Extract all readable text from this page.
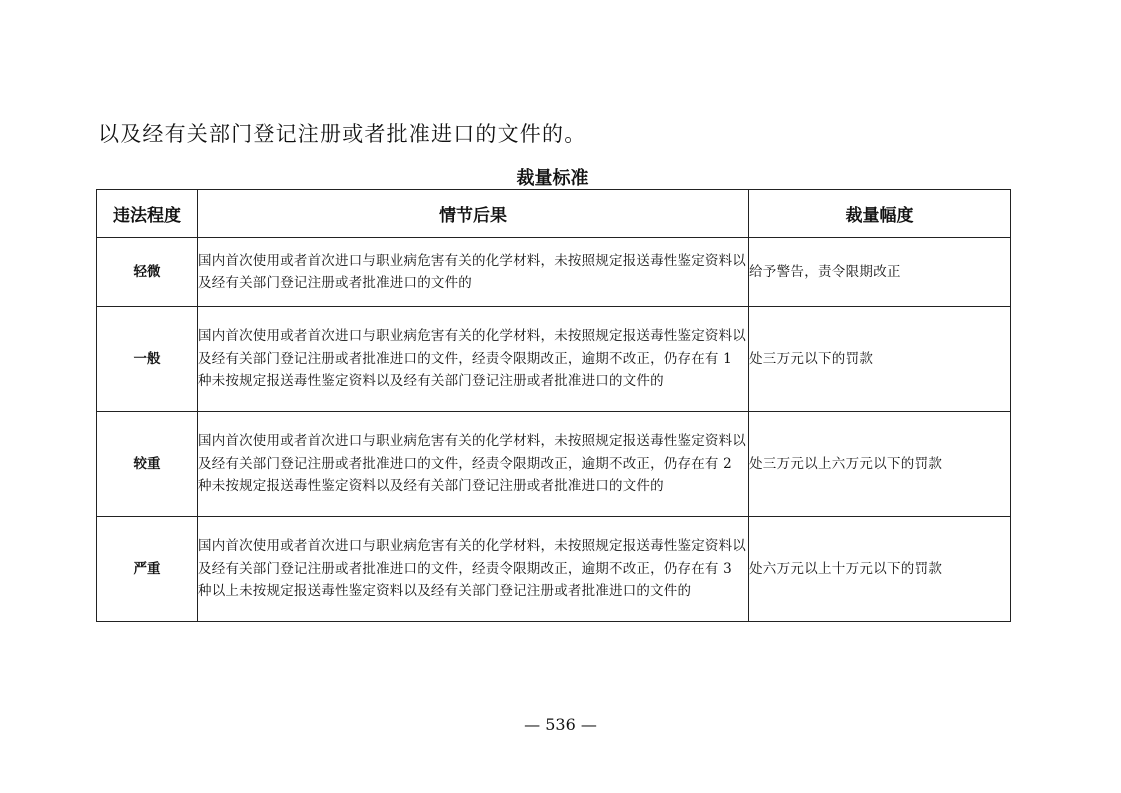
以及经有关部门登记注册或者批准进口的文件的。

裁量标准

违法程度	情节后果	裁量幅度
轻微	国内首次使用或者首次进口与职业病危害有关的化学材料，未按照规定报送毒性鉴定资料以及经有关部门登记注册或者批准进口的文件的	给予警告，责令限期改正
一般	国内首次使用或者首次进口与职业病危害有关的化学材料，未按照规定报送毒性鉴定资料以及经有关部门登记注册或者批准进口的文件，经责令限期改正，逾期不改正，仍存在有 1 种未按规定报送毒性鉴定资料以及经有关部门登记注册或者批准进口的文件的	处三万元以下的罚款
较重	国内首次使用或者首次进口与职业病危害有关的化学材料，未按照规定报送毒性鉴定资料以及经有关部门登记注册或者批准进口的文件，经责令限期改正，逾期不改正，仍存在有 2 种未按规定报送毒性鉴定资料以及经有关部门登记注册或者批准进口的文件的	处三万元以上六万元以下的罚款
严重	国内首次使用或者首次进口与职业病危害有关的化学材料，未按照规定报送毒性鉴定资料以及经有关部门登记注册或者批准进口的文件，经责令限期改正，逾期不改正，仍存在有 3 种以上未按规定报送毒性鉴定资料以及经有关部门登记注册或者批准进口的文件的	处六万元以上十万元以下的罚款

— 536 —
